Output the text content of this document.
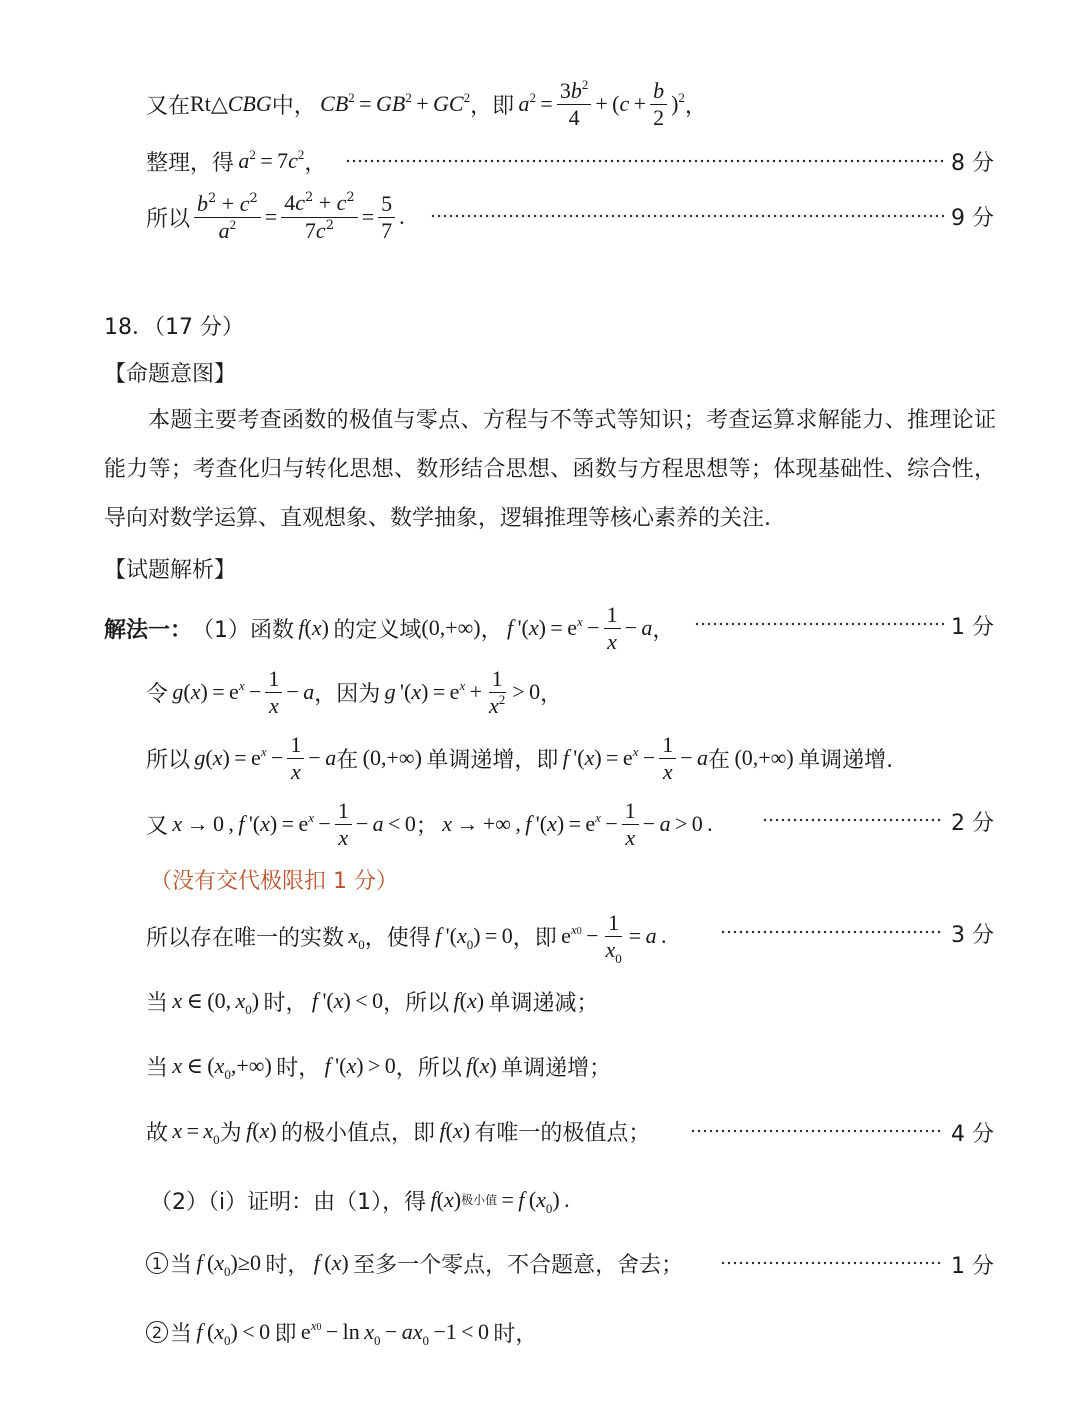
又在 Rt △ CBG 中，  $CB^2 = GB^2 + GC^2$ ，即  $a^2 = \frac{3b^2}{4}$ + ( $c + \frac{b}{2} )^2$ ，
整理，得  $a^2 = 7$ $c^2$ ，	8 分
所以 $\frac{b^2 + c^2}{a^2} = \frac{4c^2 + c^2}{7c^2} = \frac{5}{7}$ .	9 分
18．（17 分）
【命题意图】
本题主要考查函数的极值与零点、方程与不等式等知识；考查运算求解能力、推理论证能力等；考查化归与转化思想、数形结合思想、函数与方程思想等；体现基础性、综合性，导向对数学运算、直观想象、数学抽象，逻辑推理等核心素养的关注.
【试题解析】
解法一： （1）函数  f ( x )  的定义域 (0,+∞) ，  f  '( x ) = $e^x - \frac{1}{x} - a$ ，	1 分
令  g ( x ) = $e^x - \frac{1}{x} - a$ ，因为  g  '( x ) = $e^x + \frac{1}{x^2} > 0$ ，
所以  g ( x ) = $e^x - \frac{1}{x} - a$ 在  (0,+∞)  单调递增，即  f  '( x ) = $e^x - \frac{1}{x} - a$ 在  (0,+∞)  单调递增.
又  x  → 0 ,  f  '( x ) = $e^x - \frac{1}{x} - a < 0$ ；  x  → +∞ ,  f  '( x ) = $e^x - \frac{1}{x} - a > 0$ .	2 分
（没有交代极限扣 1 分）
所以存在唯一的实数  $x_0$ ，使得  f  '( $x_0$ ) = 0 ，即  $e^{x0} - \frac{1}{x_0} = a$  .	3 分
当  x  ∈ (0,  $x_0$ )  时，  f  '( x ) < 0 ，所以  f ( x )  单调递减；
当  x  ∈ ( $x_0$ ,+∞)  时，  f  '( x ) > 0 ，所以  f ( x )  单调递增；
故  $x = x_0$ 为  f ( x )  的极小值点，即  f ( x )  有唯一的极值点；	4 分
（2）（i）证明：由（1），得  f ( x ) 极小值  =  f  ( $x_0$ )  .
1 当  f  ( $x_0$ )≥0  时，  f  ( x )  至多一个零点，不合题意，舍去；	1 分
2 当  f  ( $x_0$ ) < 0  即  $e^{x0} - \ln x_0 - ax_0 -1 < 0$  时，
